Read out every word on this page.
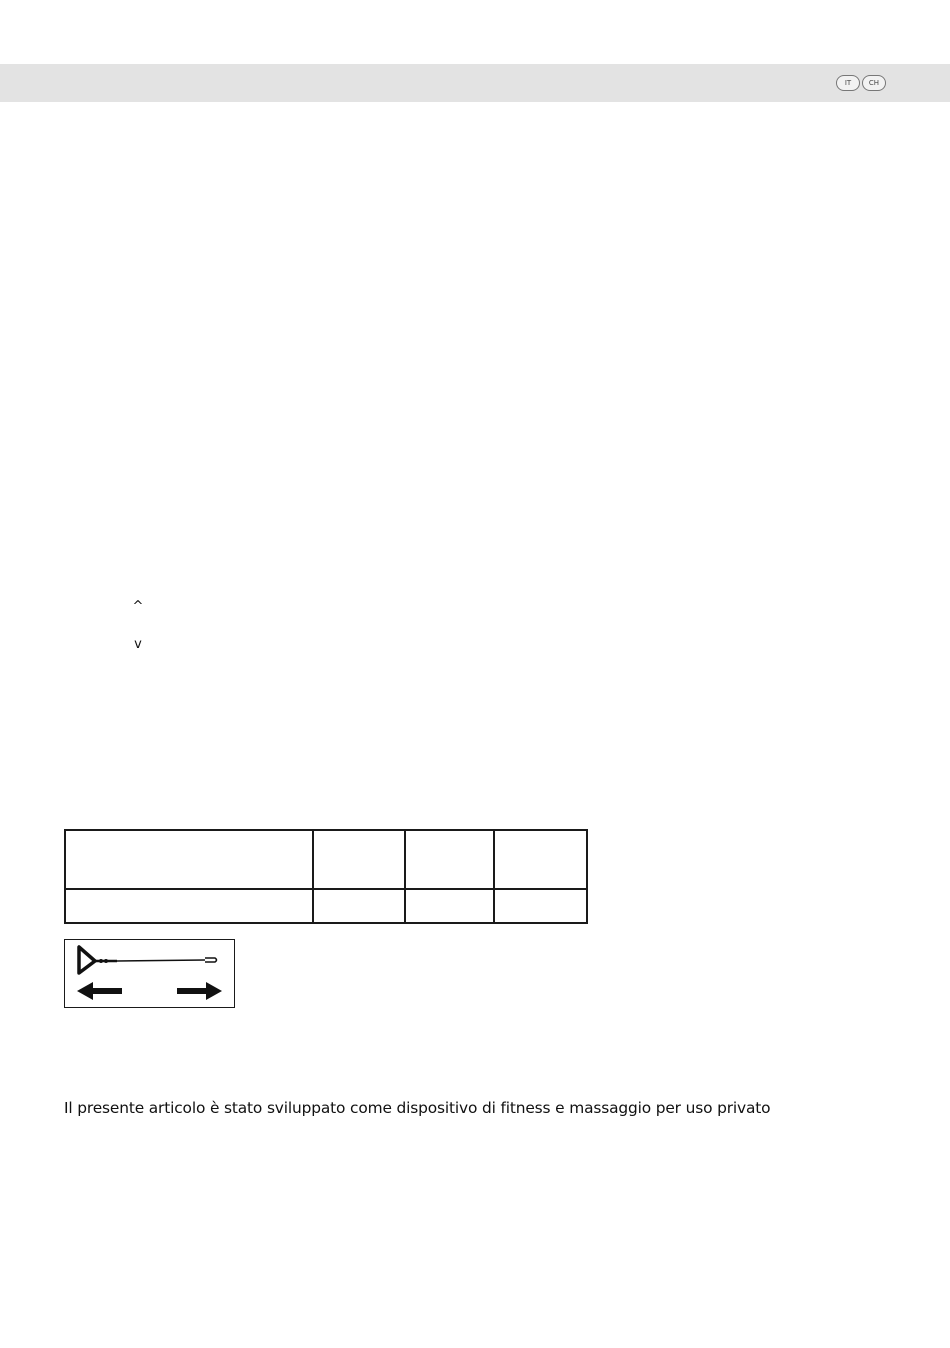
IT	CH
^
v

Il presente articolo è stato sviluppato come dispositivo di fitness e massaggio per uso privato
